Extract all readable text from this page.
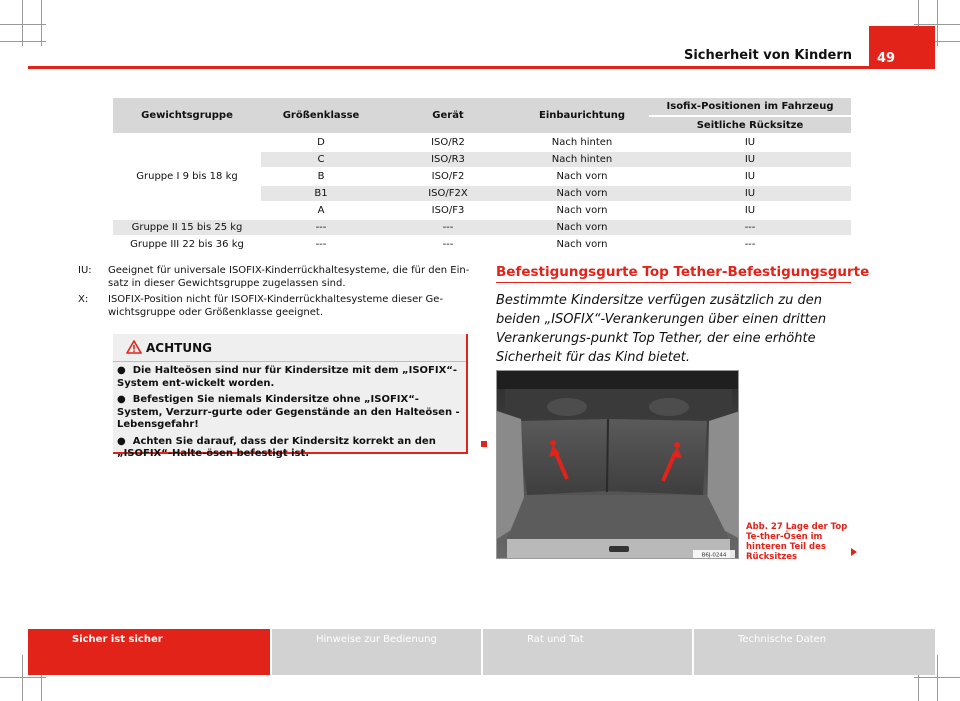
Sicherheit von Kindern 49
Gewichtsgruppe	Größenklasse	Gerät	Einbaurichtung	Isofix-Positionen im Fahrzeug
				Seitliche Rücksitze
Gruppe I 9 bis 18 kg	D	ISO/R2	Nach hinten	IU
	C	ISO/R3	Nach hinten	IU
	B	ISO/F2	Nach vorn	IU
	B1	ISO/F2X	Nach vorn	IU
	A	ISO/F3	Nach vorn	IU
Gruppe II 15 bis 25 kg	---	---	Nach vorn	---
Gruppe III 22 bis 36 kg	---	---	Nach vorn	---
IU: Geeignet für universale ISOFIX-Kinderrückhaltesysteme, die für den Ein-satz in dieser Gewichtsgruppe zugelassen sind.
X: ISOFIX-Position nicht für ISOFIX-Kinderrückhaltesysteme dieser Ge-wichtsgruppe oder Größenklasse geeignet.
ACHTUNG

●  Die Halteösen sind nur für Kindersitze mit dem „ISOFIX“-System ent-wickelt worden.

●  Befestigen Sie niemals Kindersitze ohne „ISOFIX“-System, Verzurr-gurte oder Gegenstände an den Halteösen - Lebensgefahr!

●  Achten Sie darauf, dass der Kindersitz korrekt an den „ISOFIX“-Halte-ösen befestigt ist.

Befestigungsgurte Top Tether-Befestigungsgurte
Bestimmte Kindersitze verfügen zusätzlich zu den beiden „ISOFIX“-Verankerungen über einen dritten Verankerungs-punkt Top Tether, der eine erhöhte Sicherheit für das Kind bietet.
B6J-0244
Abb. 27 Lage der Top Te-ther-Ösen im hinteren Teil des Rücksitzes
Sicher ist sicher	Hinweise zur Bedienung	Rat und Tat	Technische Daten
